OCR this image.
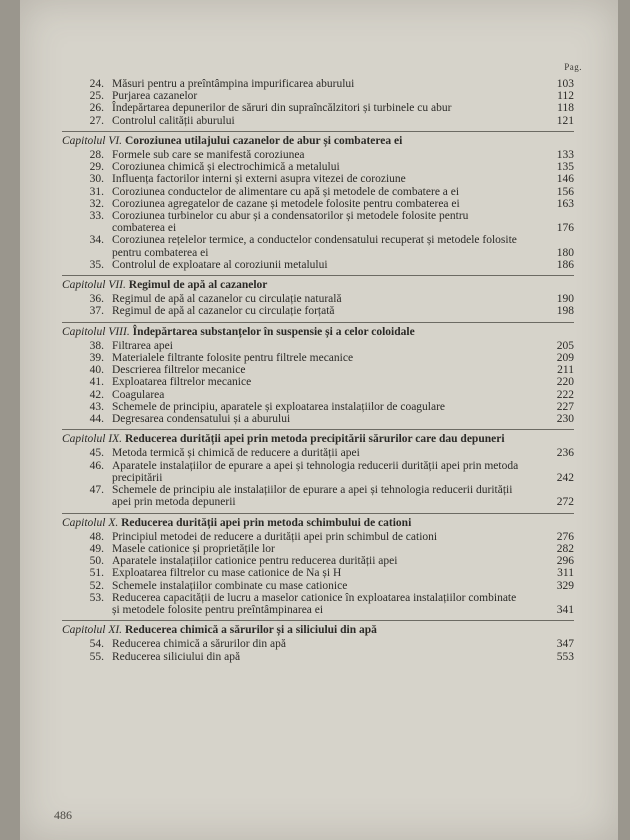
Pag.
24. Măsuri pentru a preîntâmpina impurificarea aburului	103
25. Purjarea cazanelor	112
26. Îndepărtarea depunerilor de săruri din supraîncălzitori și turbinele cu abur	118
27. Controlul calității aburului	121
Capitolul VI. Coroziunea utilajului cazanelor de abur și combaterea ei
28. Formele sub care se manifestă coroziunea	133
29. Coroziunea chimică și electrochimică a metalului	135
30. Influența factorilor interni și externi asupra vitezei de coroziune	146
31. Coroziunea conductelor de alimentare cu apă și metodele de combatere a ei	156
32. Coroziunea agregatelor de cazane și metodele folosite pentru combaterea ei	163
33. Coroziunea turbinelor cu abur și a condensatorilor și metodele folosite pentru combaterea ei	176
34. Coroziunea rețelelor termice, a conductelor condensatului recuperat și metodele folosite pentru combaterea ei	180
35. Controlul de exploatare al coroziunii metalului	186
Capitolul VII. Regimul de apă al cazanelor
36. Regimul de apă al cazanelor cu circulație naturală	190
37. Regimul de apă al cazanelor cu circulație forțată	198
Capitolul VIII. Îndepărtarea substanțelor în suspensie și a celor coloidale
38. Filtrarea apei	205
39. Materialele filtrante folosite pentru filtrele mecanice	209
40. Descrierea filtrelor mecanice	211
41. Exploatarea filtrelor mecanice	220
42. Coagularea	222
43. Schemele de principiu, aparatele și exploatarea instalațiilor de coagulare	227
44. Degresarea condensatului și a aburului	230
Capitolul IX. Reducerea durității apei prin metoda precipitării sărurilor care dau depuneri
45. Metoda termică și chimică de reducere a durității apei	236
46. Aparatele instalațiilor de epurare a apei și tehnologia reducerii durității apei prin metoda precipitării	242
47. Schemele de principiu ale instalațiilor de epurare a apei și tehnologia reducerii durității apei prin metoda depunerii	272
Capitolul X. Reducerea durității apei prin metoda schimbului de cationi
48. Principiul metodei de reducere a durității apei prin schimbul de cationi	276
49. Masele cationice și proprietățile lor	282
50. Aparatele instalațiilor cationice pentru reducerea durității apei	296
51. Exploatarea filtrelor cu mase cationice de Na și H	311
52. Schemele instalațiilor combinate cu mase cationice	329
53. Reducerea capacității de lucru a maselor cationice în exploatarea instalațiilor combinate și metodele folosite pentru preîntâmpinarea ei	341
Capitolul XI. Reducerea chimică a sărurilor și a siliciului din apă
54. Reducerea chimică a sărurilor din apă	347
55. Reducerea siliciului din apă	553
486
